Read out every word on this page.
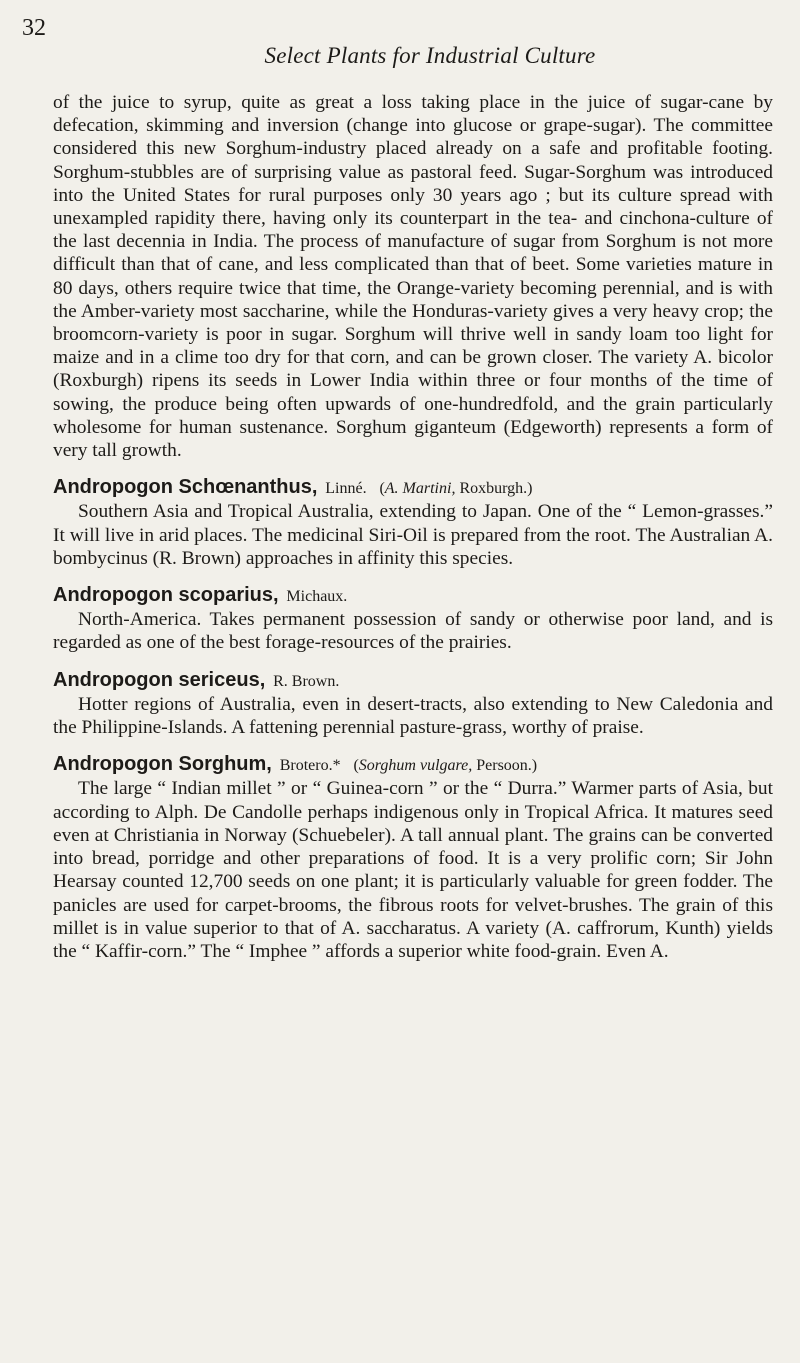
32
Select Plants for Industrial Culture

of the juice to syrup, quite as great a loss taking place in the juice of sugar-cane by defecation, skimming and inversion (change into glucose or grape-sugar). The committee considered this new Sorghum-industry placed already on a safe and profitable footing. Sorghum-stubbles are of surprising value as pastoral feed. Sugar-Sorghum was introduced into the United States for rural purposes only 30 years ago ; but its culture spread with unexampled rapidity there, having only its counterpart in the tea- and cinchona-culture of the last decennia in India. The process of manufacture of sugar from Sorghum is not more difficult than that of cane, and less complicated than that of beet. Some varieties mature in 80 days, others require twice that time, the Orange-variety becoming perennial, and is with the Amber-variety most saccharine, while the Honduras-variety gives a very heavy crop; the broomcorn-variety is poor in sugar. Sorghum will thrive well in sandy loam too light for maize and in a clime too dry for that corn, and can be grown closer. The variety A. bicolor (Roxburgh) ripens its seeds in Lower India within three or four months of the time of sowing, the produce being often upwards of one-hundredfold, and the grain particularly wholesome for human sustenance. Sorghum giganteum (Edgeworth) represents a form of very tall growth.

Andropogon Schœnanthus, Linné. (A. Martini, Roxburgh.)

Southern Asia and Tropical Australia, extending to Japan. One of the “ Lemon-grasses.” It will live in arid places. The medicinal Siri-Oil is prepared from the root. The Australian A. bombycinus (R. Brown) approaches in affinity this species.

Andropogon scoparius, Michaux.

North-America. Takes permanent possession of sandy or otherwise poor land, and is regarded as one of the best forage-resources of the prairies.

Andropogon sericeus, R. Brown.

Hotter regions of Australia, even in desert-tracts, also extending to New Caledonia and the Philippine-Islands. A fattening perennial pasture-grass, worthy of praise.

Andropogon Sorghum, Brotero.* (Sorghum vulgare, Persoon.)

The large “ Indian millet ” or “ Guinea-corn ” or the “ Durra.” Warmer parts of Asia, but according to Alph. De Candolle perhaps indigenous only in Tropical Africa. It matures seed even at Christiania in Norway (Schuebeler). A tall annual plant. The grains can be converted into bread, porridge and other preparations of food. It is a very prolific corn; Sir John Hearsay counted 12,700 seeds on one plant; it is particularly valuable for green fodder. The panicles are used for carpet-brooms, the fibrous roots for velvet-brushes. The grain of this millet is in value superior to that of A. saccharatus. A variety (A. caffrorum, Kunth) yields the “ Kaffir-corn.” The “ Imphee ” affords a superior white food-grain. Even A.
